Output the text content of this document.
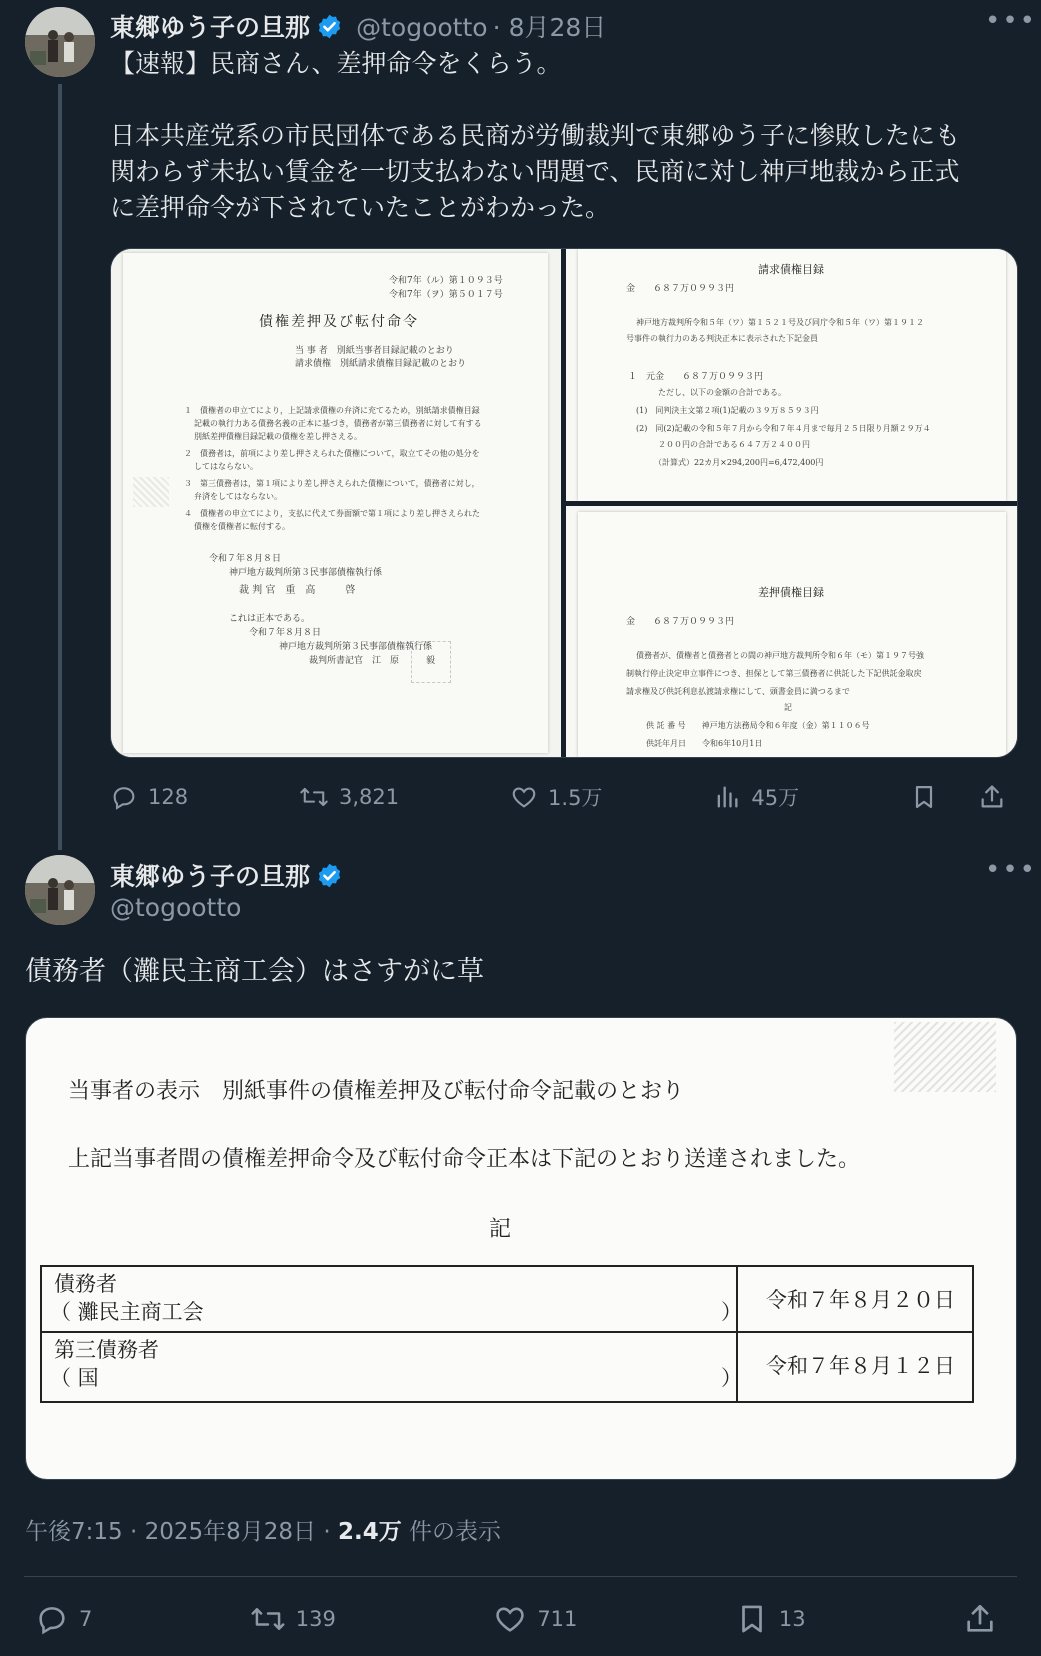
東郷ゆう子の旦那 @togootto · 8月28日	•••
【速報】民商さん、差押命令をくらう。
日本共産党系の市民団体である民商が労働裁判で東郷ゆう子に惨敗したにも
関わらず未払い賃金を一切支払わない問題で、民商に対し神戸地裁から正式
に差押命令が下されていたことがわかった。
令和7年（ル）第１０９３号
令和7年（ヲ）第５０１７号
債権差押及び転付命令
当 事 者　別紙当事者目録記載のとおり
請求債権　別紙請求債権目録記載のとおり
１　債権者の申立てにより，上記請求債権の弁済に充てるため，別紙請求債権目録
記載の執行力ある債務名義の正本に基づき，債務者が第三債務者に対して有する
別紙差押債権目録記載の債権を差し押さえる。
２　債務者は，前項により差し押さえられた債権について，取立てその他の処分を
してはならない。
３　第三債務者は，第１項により差し押さえられた債権について，債務者に対し，
弁済をしてはならない。
４　債権者の申立てにより，支払に代えて券面額で第１項により差し押さえられた
債権を債権者に転付する。
令和７年８月８日
神戸地方裁判所第３民事部債権執行係
裁 判 官　重　高　　　啓
これは正本である。
令和７年８月８日
神戸地方裁判所第３民事部債権執行係
裁判所書記官　江　原　　　毅
請求債権目録
金　　６８７万０９９３円
神戸地方裁判所令和５年（ワ）第１５２１号及び同庁令和５年（ワ）第１９１２
号事件の執行力のある判決正本に表示された下記金員
１　元金　　６８７万０９９３円
ただし、以下の金額の合計である。
(1)　同判決主文第２項(1)記載の３９万８５９３円
(2)　同(2)記載の令和５年７月から令和７年４月まで毎月２５日限り月額２９万４
２００円の合計である６４７万２４００円
（計算式）22カ月×294,200円=6,472,400円
差押債権目録
金　　６８７万０９９３円
債務者が、債権者と債務者との間の神戸地方裁判所令和６年（モ）第１９７号強
制執行停止決定申立事件につき、担保として第三債務者に供託した下記供託金取戻
請求権及び供託利息払渡請求権にして、頭書金員に満つるまで
記
供 託 番 号　　神戸地方法務局令和６年度（金）第１１０６号
供託年月日　　令和6年10月1日
128	3,821	1.5万	45万
東郷ゆう子の旦那
@togootto
•••
債務者（灘民主商工会）はさすがに草
当事者の表示　別紙事件の債権差押及び転付命令記載のとおり
上記当事者間の債権差押命令及び転付命令正本は下記のとおり送達されました。
記
債務者
（ 灘民主商工会	） 令和７年８月２０日
第三債務者
（ 国	） 令和７年８月１２日
午後7:15 · 2025年8月28日 · 2.4万 件の表示
7	139	711	13
